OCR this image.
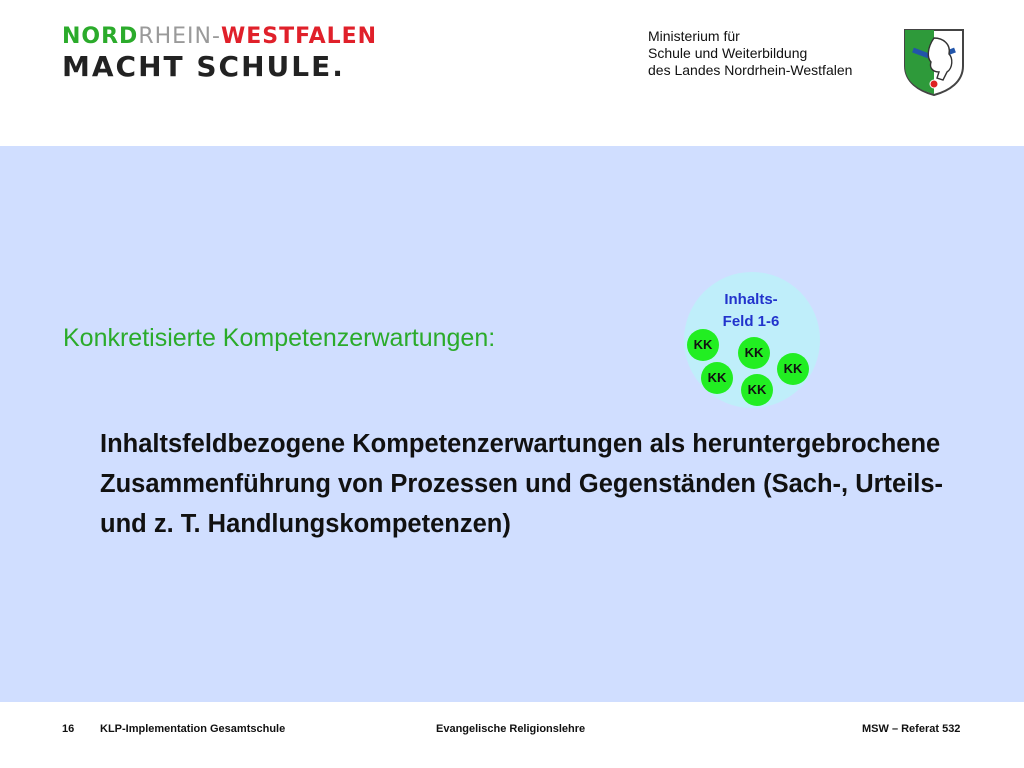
NORDRHEIN-WESTFALEN
MACHT SCHULE.
Ministerium für
Schule und Weiterbildung
des Landes Nordrhein-Westfalen
Konkretisierte Kompetenzerwartungen:
Inhalts-
Feld 1-6
KK
KK
KK
KK
KK
Inhaltsfeldbezogene Kompetenzerwartungen als heruntergebrochene Zusammenführung von Prozessen und Gegenständen (Sach-, Urteils- und z. T. Handlungskompetenzen)
16 KLP-Implementation Gesamtschule	Evangelische Religionslehre	MSW – Referat 532
